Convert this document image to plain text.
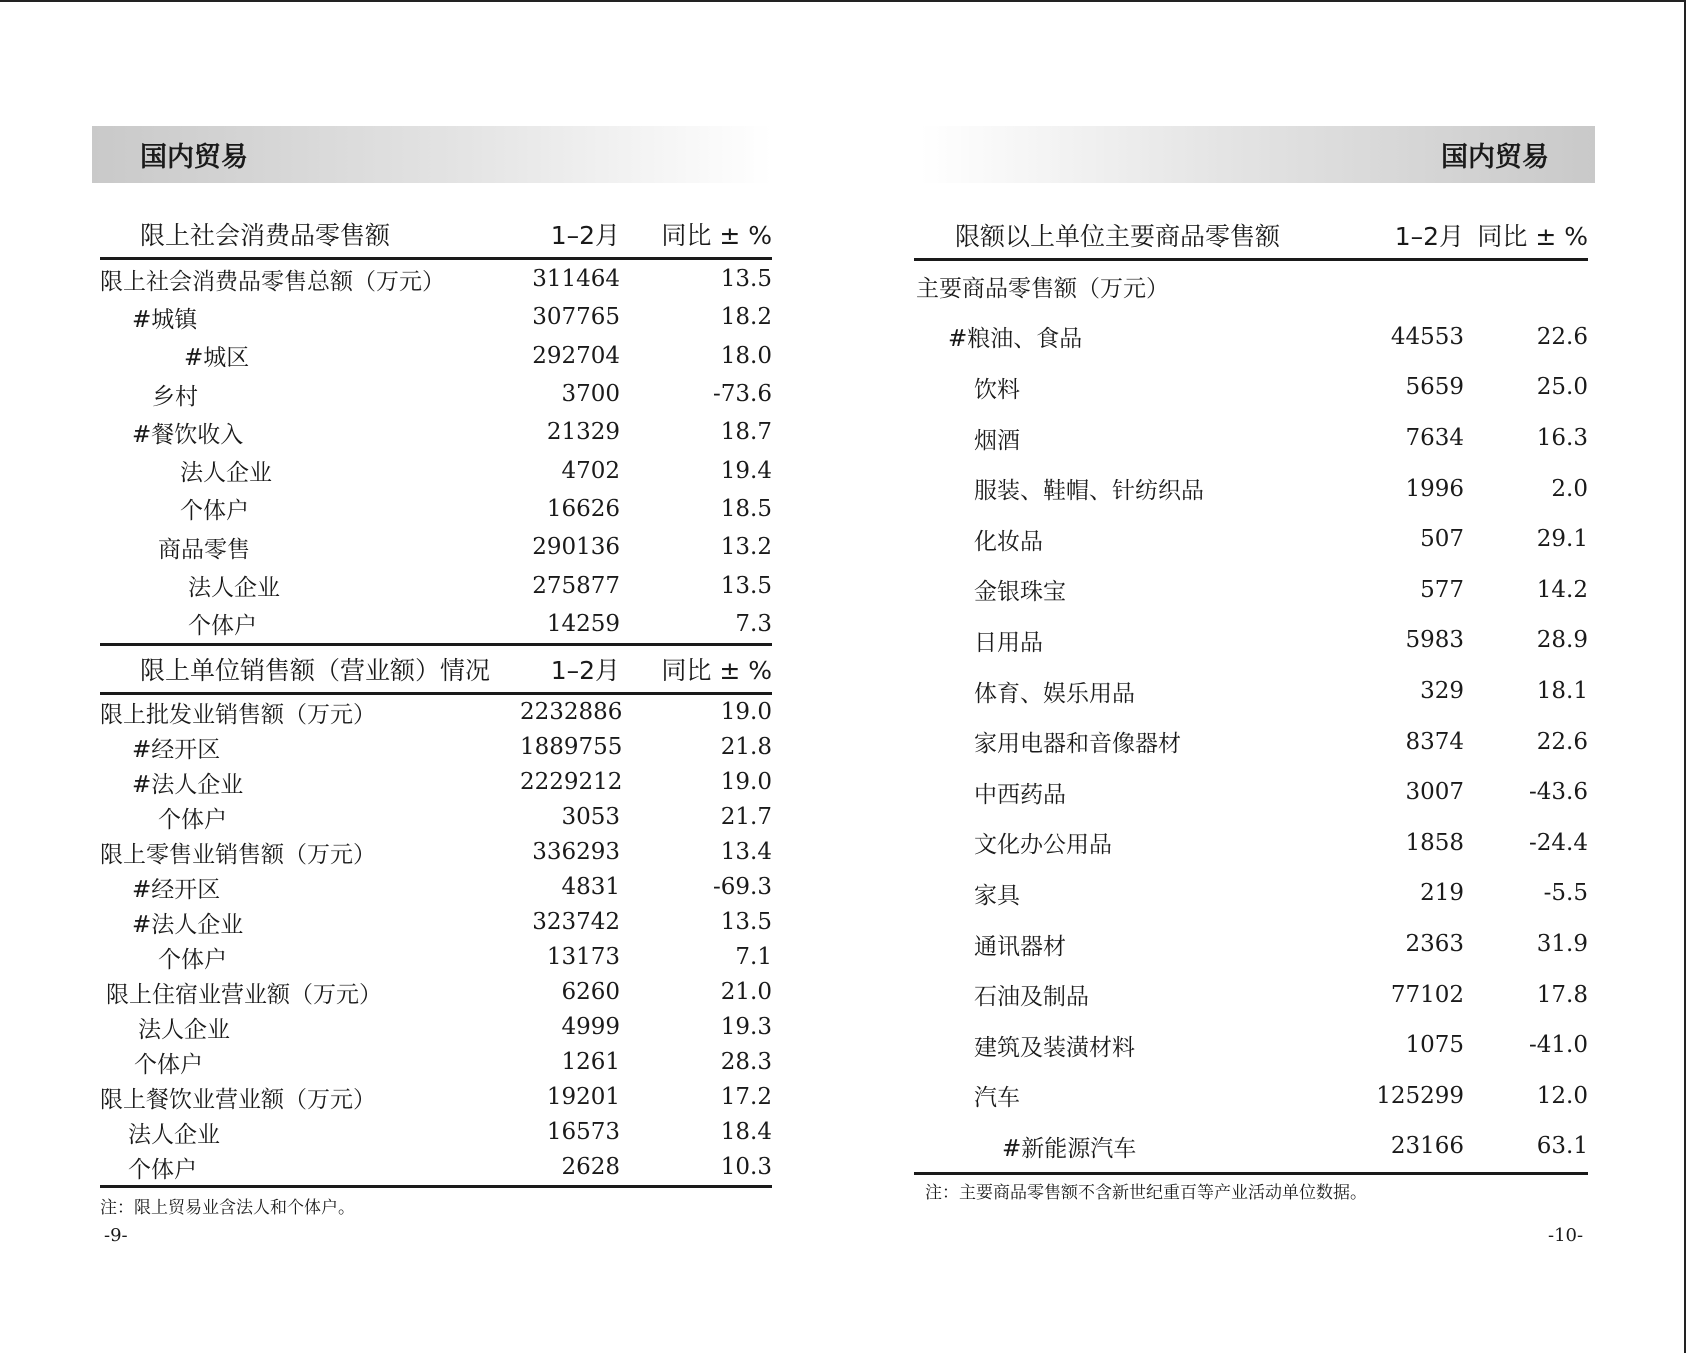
国内贸易	国内贸易
限上社会消费品零售额	1–2月	同比 ± %
限上社会消费品零售总额（万元）	311464	13.5
#城镇	307765	18.2
#城区	292704	18.0
乡村	3700	-73.6
#餐饮收入	21329	18.7
法人企业	4702	19.4
个体户	16626	18.5
商品零售	290136	13.2
法人企业	275877	13.5
个体户	14259	7.3
限上单位销售额（营业额）情况	1–2月	同比 ± %
限上批发业销售额（万元）	2232886	19.0
#经开区	1889755	21.8
#法人企业	2229212	19.0
个体户	3053	21.7
限上零售业销售额（万元）	336293	13.4
#经开区	4831	-69.3
#法人企业	323742	13.5
个体户	13173	7.1
限上住宿业营业额（万元）	6260	21.0
法人企业	4999	19.3
个体户	1261	28.3
限上餐饮业营业额（万元）	19201	17.2
法人企业	16573	18.4
个体户	2628	10.3
注：限上贸易业含法人和个体户。
-9-
限额以上单位主要商品零售额	1–2月	同比 ± %
主要商品零售额（万元）		
#粮油、食品	44553	22.6
饮料	5659	25.0
烟酒	7634	16.3
服装、鞋帽、针纺织品	1996	2.0
化妆品	507	29.1
金银珠宝	577	14.2
日用品	5983	28.9
体育、娱乐用品	329	18.1
家用电器和音像器材	8374	22.6
中西药品	3007	-43.6
文化办公用品	1858	-24.4
家具	219	-5.5
通讯器材	2363	31.9
石油及制品	77102	17.8
建筑及装潢材料	1075	-41.0
汽车	125299	12.0
#新能源汽车	23166	63.1
注：主要商品零售额不含新世纪重百等产业活动单位数据。
-10-
